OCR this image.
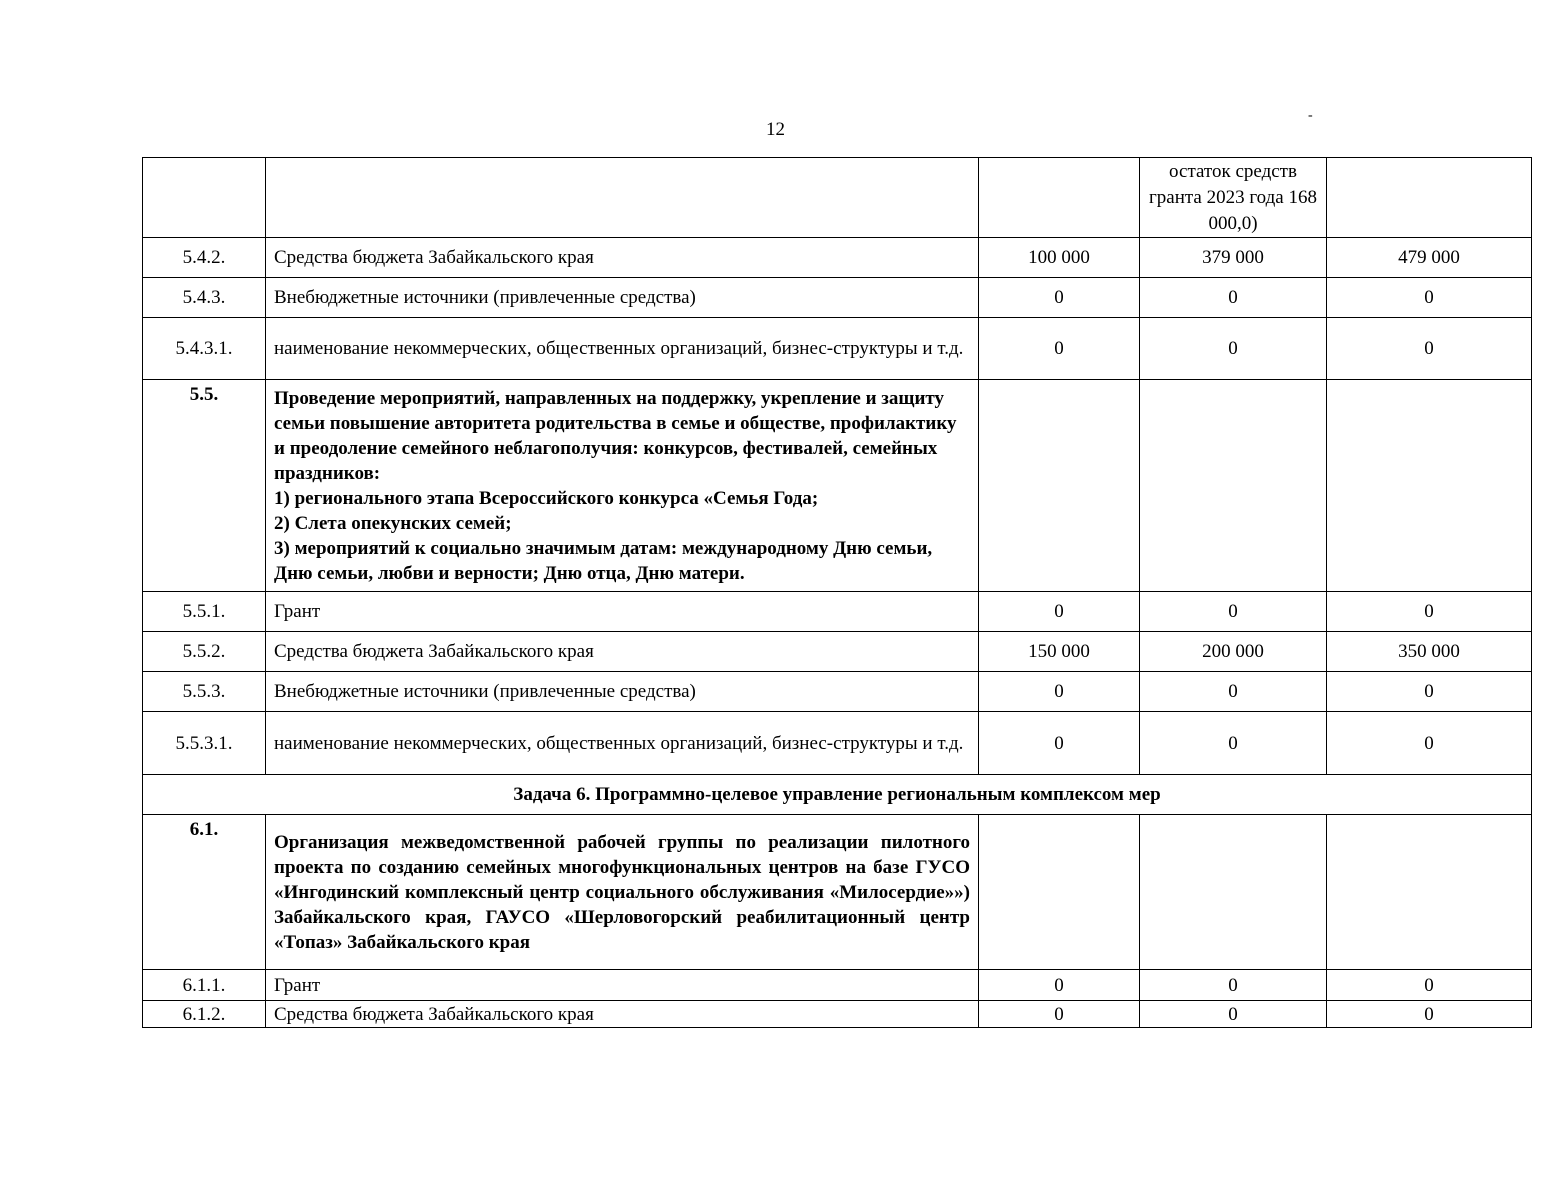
12
-
			остаток средств гранта 2023 года 168 000,0)	
5.4.2.	Средства бюджета Забайкальского края	100 000	379 000	479 000
5.4.3.	Внебюджетные источники (привлеченные средства)	0	0	0
5.4.3.1.	наименование некоммерческих, общественных организаций, бизнес-структуры и т.д.	0	0	0
5.5.	Проведение мероприятий, направленных на поддержку, укрепление и защиту семьи повышение авторитета родительства в семье и обществе, профилактику и преодоление семейного неблагополучия: конкурсов, фестивалей, семейных праздников:
1) регионального этапа Всероссийского конкурса «Семья Года;
2) Слета опекунских семей;
3) мероприятий к социально значимым датам: международному Дню семьи, Дню семьи, любви и верности; Дню отца, Дню матери.			

5.5.1.	Грант	0	0	0
5.5.2.	Средства бюджета Забайкальского края	150 000	200 000	350 000
5.5.3.	Внебюджетные источники (привлеченные средства)	0	0	0
5.5.3.1.	наименование некоммерческих, общественных организаций, бизнес-структуры и т.д.	0	0	0
Задача 6. Программно-целевое управление региональным комплексом мер				
6.1.	Организация межведомственной рабочей группы по реализации пилотного проекта по созданию семейных многофункциональных центров на базе ГУСО «Ингодинский комплексный центр социального обслуживания «Милосердие»») Забайкальского края, ГАУСО «Шерловогорский реабилитационный центр «Топаз» Забайкальского края			
6.1.1.	Грант	0	0	0
6.1.2.	Средства бюджета Забайкальского края	0	0	0
